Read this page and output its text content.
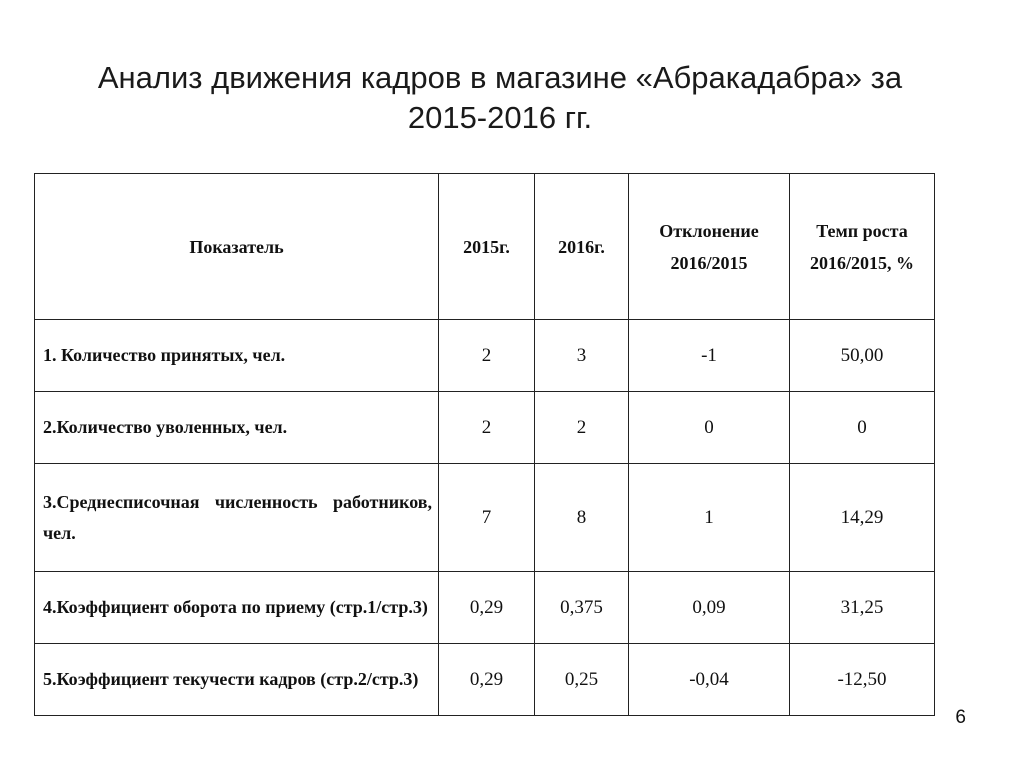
Анализ движения кадров в магазине «Абракадабра» за
2015-2016 гг.
Показатель	2015г.	2016г.	Отклонение 2016/2015	Темп роста 2016/2015, %

1. Количество принятых, чел.	2	3	-1	50,00

2.Количество уволенных, чел.	2	2	0	0

3.Среднесписочная численность работников, чел.	7	8	1	14,29

4.Коэффициент оборота по приему (стр.1/стр.3)	0,29	0,375	0,09	31,25

5.Коэффициент текучести кадров (стр.2/стр.3)	0,29	0,25	-0,04	-12,50
6
